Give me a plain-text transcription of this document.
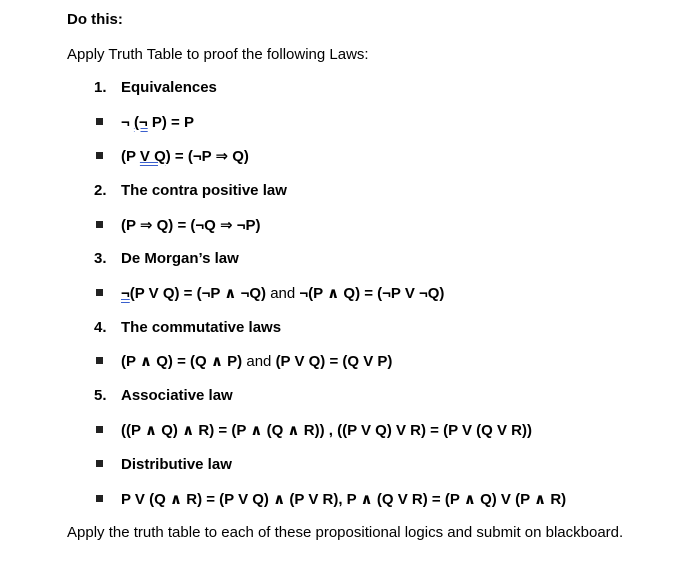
Do this:
Apply Truth Table to proof the following Laws:
1. Equivalences
¬ (¬ P) = P
(P V Q) = (¬P ⇒ Q)
2. The contra positive law
(P ⇒ Q) = (¬Q ⇒ ¬P)
3. De Morgan’s law
¬(P V Q) = (¬P ∧ ¬Q) and ¬(P ∧ Q) = (¬P V ¬Q)
4. The commutative laws
(P ∧ Q) = (Q ∧ P) and (P V Q) = (Q V P)
5. Associative law
((P ∧ Q) ∧ R) = (P ∧ (Q ∧ R)) , ((P V Q) V R) = (P V (Q V R))
Distributive law
P V (Q ∧ R) = (P V Q) ∧ (P V R), P ∧ (Q V R) = (P ∧ Q) V (P ∧ R)
Apply the truth table to each of these propositional logics and submit on blackboard.
